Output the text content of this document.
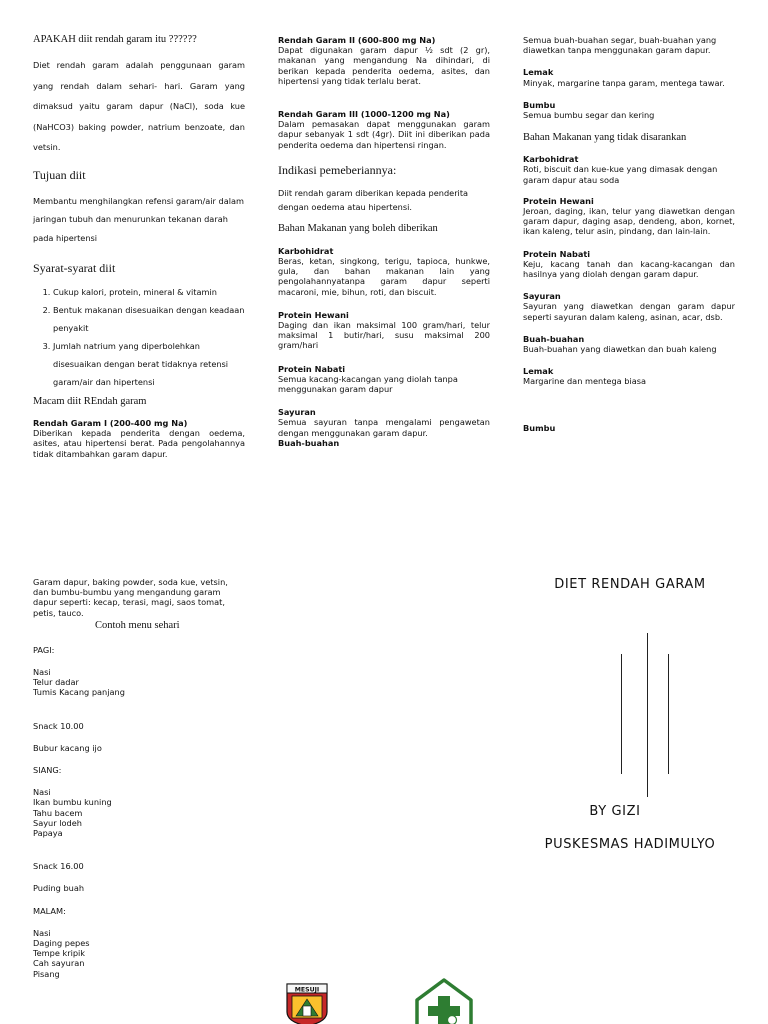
APAKAH diit rendah garam itu ??????

Diet rendah garam adalah penggunaan garam yang rendah dalam sehari- hari. Garam yang dimaksud yaitu garam dapur (NaCl), soda kue (NaHCO3) baking powder, natrium benzoate, dan vetsin.

Tujuan diit

Membantu menghilangkan refensi garam/air dalam jaringan tubuh dan menurunkan tekanan darah pada hipertensi

Syarat-syarat diit

1. Cukup kalori, protein, mineral & vitamin
2. Bentuk makanan disesuaikan dengan keadaan penyakit
3. Jumlah natrium yang diperbolehkan disesuaikan dengan berat tidaknya retensi garam/air dan hipertensi

Macam diit REndah garam

Rendah Garam I (200-400 mg Na)

Diberikan kepada penderita dengan oedema, asites, atau hipertensi berat. Pada pengolahannya tidak ditambahkan garam dapur.

Rendah Garam II (600-800 mg Na)

Dapat digunakan garam dapur ½ sdt (2 gr), makanan yang mengandung Na dihindari, di berikan kepada penderita oedema, asites, dan hipertensi yang tidak terlalu berat.

Rendah Garam III (1000-1200 mg Na)

Dalam pemasakan dapat menggunakan garam dapur sebanyak 1 sdt (4gr). Diit ini diberikan pada penderita oedema dan hipertensi ringan.

Indikasi pemeberiannya:

Diit rendah garam diberikan kepada penderita dengan oedema atau hipertensi.

Bahan Makanan yang boleh diberikan

Karbohidrat

Beras, ketan, singkong, terigu, tapioca, hunkwe, gula, dan bahan makanan lain yang pengolahannyatanpa garam dapur seperti macaroni, mie, bihun, roti, dan biscuit.

Protein Hewani

Daging dan ikan maksimal 100 gram/hari, telur maksimal 1 butir/hari, susu maksimal 200 gram/hari

Protein Nabati

Semua kacang-kacangan yang diolah tanpa menggunakan garam dapur

Sayuran

Semua sayuran tanpa mengalami pengawetan dengan menggunakan garam dapur.

Buah-buahan

Semua buah-buahan segar, buah-buahan yang diawetkan tanpa menggunakan garam dapur.

Lemak

Minyak, margarine tanpa garam, mentega tawar.

Bumbu

Semua bumbu segar dan kering

Bahan Makanan yang tidak disarankan

Karbohidrat

Roti, biscuit dan kue-kue yang dimasak dengan garam dapur atau soda

Protein Hewani

Jeroan, daging, ikan, telur yang diawetkan dengan garam dapur, daging asap, dendeng, abon, kornet, ikan kaleng, telur asin, pindang, dan lain-lain.

Protein Nabati

Keju, kacang tanah dan kacang-kacangan dan hasilnya yang diolah dengan garam dapur.

Sayuran

Sayuran yang diawetkan dengan garam dapur seperti sayuran dalam kaleng, asinan, acar, dsb.

Buah-buahan

Buah-buahan yang diawetkan dan buah kaleng

Lemak

Margarine dan mentega biasa

Bumbu

Garam dapur, baking powder, soda kue, vetsin, dan bumbu-bumbu yang mengandung garam dapur seperti: kecap, terasi, magi, saos tomat, petis, tauco.

Contoh menu sehari

PAGI:

Nasi

Telur dadar

Tumis Kacang panjang

Snack 10.00

Bubur kacang ijo

SIANG:

Nasi

Ikan bumbu kuning

Tahu bacem

Sayur lodeh

Papaya

Snack 16.00

Puding buah

MALAM:

Nasi

Daging pepes

Tempe kripik

Cah sayuran

Pisang

DIET RENDAH GARAM
BY GIZI
PUSKESMAS HADIMULYO
MESUJI
